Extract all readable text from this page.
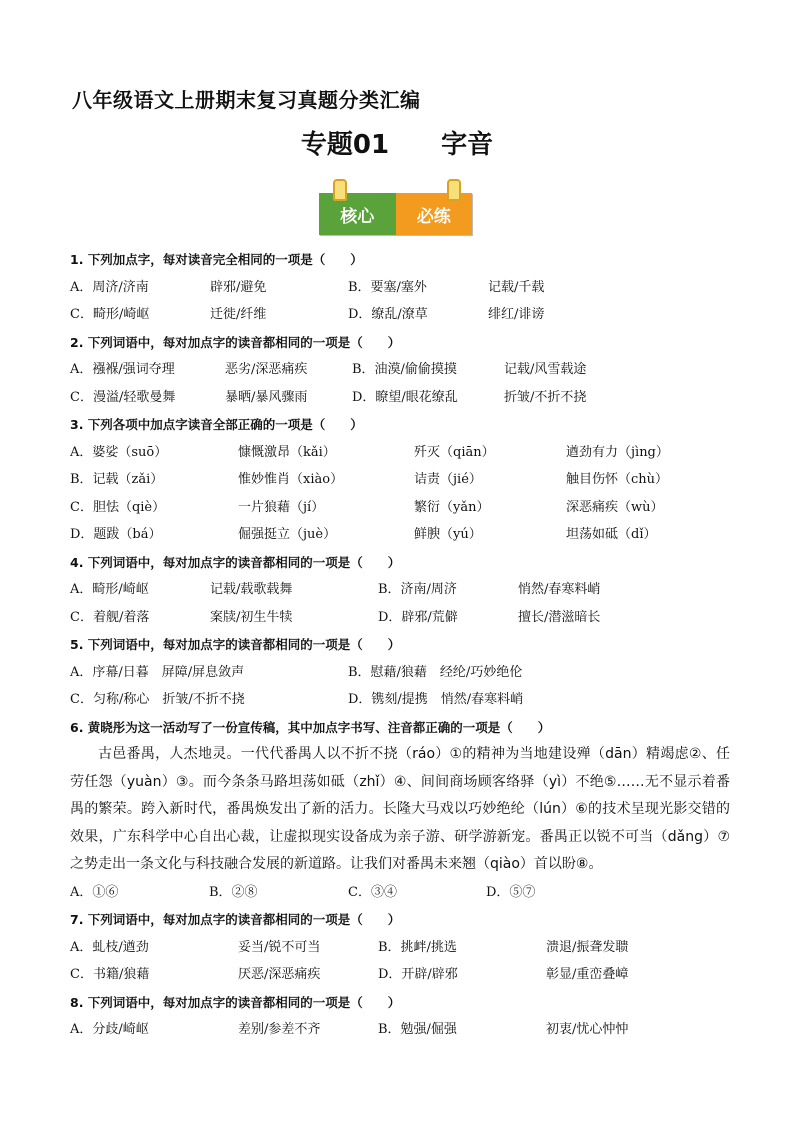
八年级语文上册期末复习真题分类汇编
专题01 字音
核心	必练
1. 下列加点字，每对读音完全相同的一项是（　　）
A．周济/济南	辟邪/避免	B．要塞/塞外	记载/千载
C．畸形/崎岖	迁徙/纤维	D．缭乱/潦草	绯红/诽谤
2. 下列词语中，每对加点字的读音都相同的一项是（　　）
A．襁褓/强词夺理	恶劣/深恶痛疾	B．油漠/偷偷摸摸	记载/风雪载途
C．漫溢/轻歌曼舞	暴晒/暴风骤雨	D．瞭望/眼花缭乱	折皱/不折不挠
3. 下列各项中加点字读音全部正确的一项是（　　）
A．婆娑（suō）	慷慨激昂（kǎi）	歼灭（qiān）	遒劲有力（jìng）
B．记载（zǎi）	惟妙惟肖（xiào）	诘责（jié）	触目伤怀（chù）
C．胆怯（qiè）	一片狼藉（jí）	繁衍（yǎn）	深恶痛疾（wù）
D．题跋（bá）	倔强挺立（juè）	鲜腴（yú）	坦荡如砥（dǐ）
4. 下列词语中，每对加点字的读音都相同的一项是（　　）
A．畸形/崎岖	记载/载歌载舞	B．济南/周济	悄然/春寒料峭
C．着舰/着落	案牍/初生牛犊	D．辟邪/荒僻	擅长/潜滋暗长
5. 下列词语中，每对加点字的读音都相同的一项是（　　）
A．序幕/日暮　屏障/屏息敛声	B．慰藉/狼藉　经纶/巧妙绝伦
C．匀称/称心　折皱/不折不挠	D．镌刻/提携　悄然/春寒料峭
6. 黄晓彤为这一活动写了一份宣传稿，其中加点字书写、注音都正确的一项是（　　）

古邑番禺，人杰地灵。一代代番禺人以不折不挠（ráo）①的精神为当地建设殚（dān）精竭虑②、任劳任怨（yuàn）③。而今条条马路坦荡如砥（zhǐ）④、间间商场顾客络驿（yì）不绝⑤……无不显示着番禺的繁荣。跨入新时代，番禺焕发出了新的活力。长隆大马戏以巧妙绝纶（lún）⑥的技术呈现光影交错的效果，广东科学中心自出心裁，让虚拟现实设备成为亲子游、研学游新宠。番禺正以锐不可当（dǎng）⑦之势走出一条文化与科技融合发展的新道路。让我们对番禺未来翘（qiào）首以盼⑧。

A．①⑥	B．②⑧	C．③④	D．⑤⑦
7. 下列词语中，每对加点字的读音都相同的一项是（　　）
A．虬枝/遒劲	妥当/锐不可当	B．挑衅/挑选	溃退/振聋发聩
C．书籍/狼藉	厌恶/深恶痛疾	D．开辟/辟邪	彰显/重峦叠嶂
8. 下列词语中，每对加点字的读音都相同的一项是（　　）
A．分歧/崎岖	差别/参差不齐	B．勉强/倔强	初衷/忧心忡忡
